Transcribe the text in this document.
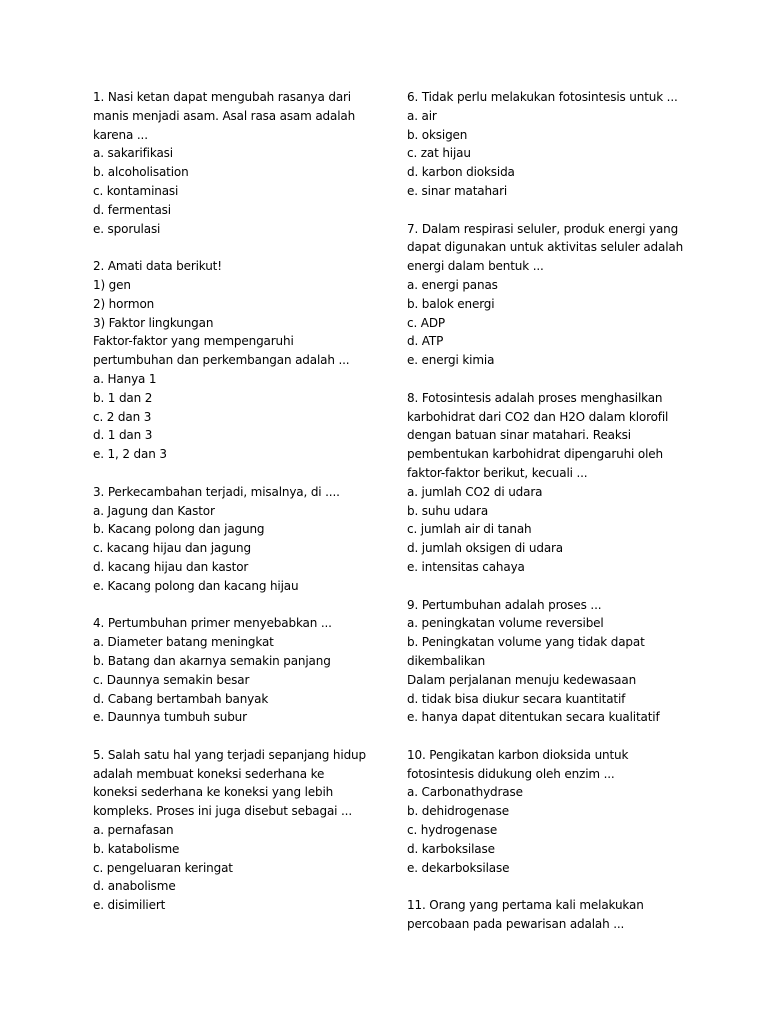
1. Nasi ketan dapat mengubah rasanya dari
manis menjadi asam. Asal rasa asam adalah
karena ...
a. sakarifikasi
b. alcoholisation
c. kontaminasi
d. fermentasi
e. sporulasi
2. Amati data berikut!
1) gen
2) hormon
3) Faktor lingkungan
Faktor-faktor yang mempengaruhi
pertumbuhan dan perkembangan adalah ...
a. Hanya 1
b. 1 dan 2
c. 2 dan 3
d. 1 dan 3
e. 1, 2 dan 3
3. Perkecambahan terjadi, misalnya, di ....
a. Jagung dan Kastor
b. Kacang polong dan jagung
c. kacang hijau dan jagung
d. kacang hijau dan kastor
e. Kacang polong dan kacang hijau
4. Pertumbuhan primer menyebabkan ...
a. Diameter batang meningkat
b. Batang dan akarnya semakin panjang
c. Daunnya semakin besar
d. Cabang bertambah banyak
e. Daunnya tumbuh subur
5. Salah satu hal yang terjadi sepanjang hidup
adalah membuat koneksi sederhana ke
koneksi sederhana ke koneksi yang lebih
kompleks. Proses ini juga disebut sebagai ...
a. pernafasan
b. katabolisme
c. pengeluaran keringat
d. anabolisme
e. disimiliert
6. Tidak perlu melakukan fotosintesis untuk ...
a. air
b. oksigen
c. zat hijau
d. karbon dioksida
e. sinar matahari
7. Dalam respirasi seluler, produk energi yang
dapat digunakan untuk aktivitas seluler adalah
energi dalam bentuk ...
a. energi panas
b. balok energi
c. ADP
d. ATP
e. energi kimia
8. Fotosintesis adalah proses menghasilkan
karbohidrat dari CO2 dan H2O dalam klorofil
dengan batuan sinar matahari. Reaksi
pembentukan karbohidrat dipengaruhi oleh
faktor-faktor berikut, kecuali ...
a. jumlah CO2 di udara
b. suhu udara
c. jumlah air di tanah
d. jumlah oksigen di udara
e. intensitas cahaya
9. Pertumbuhan adalah proses ...
a. peningkatan volume reversibel
b. Peningkatan volume yang tidak dapat
dikembalikan
Dalam perjalanan menuju kedewasaan
d. tidak bisa diukur secara kuantitatif
e. hanya dapat ditentukan secara kualitatif
10. Pengikatan karbon dioksida untuk
fotosintesis didukung oleh enzim ...
a. Carbonathydrase
b. dehidrogenase
c. hydrogenase
d. karboksilase
e. dekarboksilase
11. Orang yang pertama kali melakukan
percobaan pada pewarisan adalah ...
